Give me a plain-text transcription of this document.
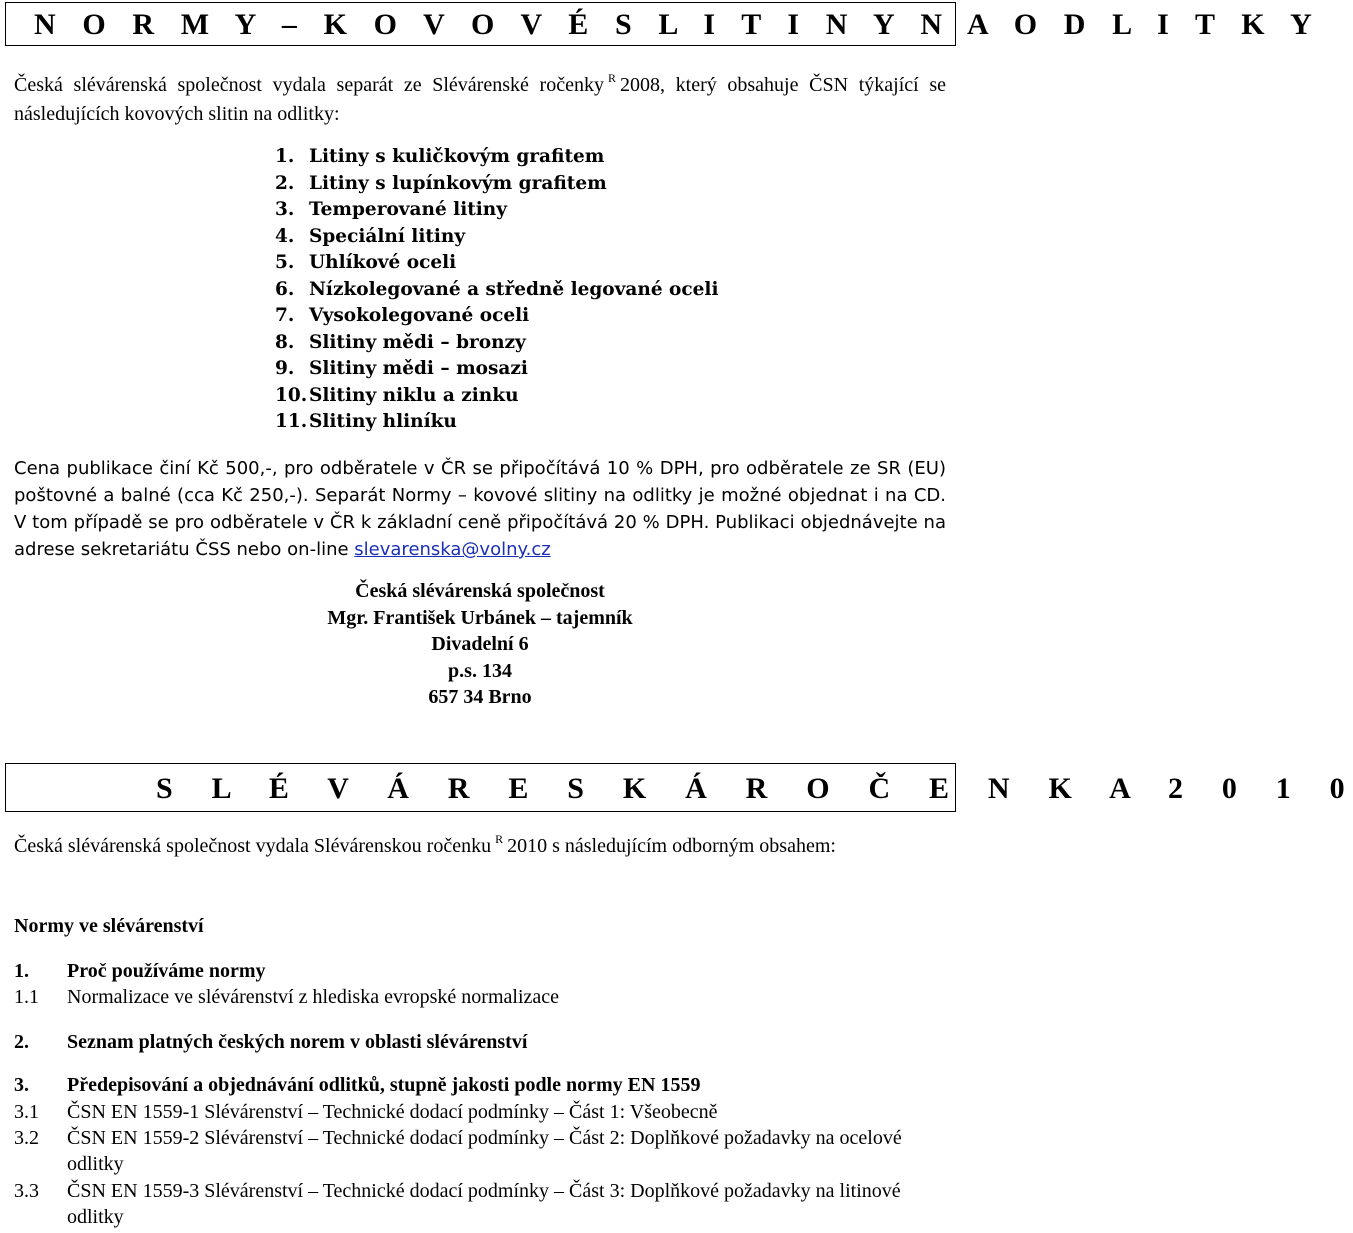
N O R M Y – K O V O V É S L I T I N Y N A O D L I T K Y

Česká slévárenská společnost vydala separát ze Slévárenské ročenky $^R$ 2008, který obsahuje ČSN týkající se následujících kovových slitin na odlitky:

1. Litiny s kuličkovým grafitem
2. Litiny s lupínkovým grafitem
3. Temperované litiny
4. Speciální litiny
5. Uhlíkové oceli
6. Nízkolegované a středně legované oceli
7. Vysokolegované oceli
8. Slitiny mědi – bronzy
9. Slitiny mědi – mosazi
10.Slitiny niklu a zinku
11.Slitiny hliníku

Cena publikace činí Kč 500,-, pro odběratele v ČR se připočítává 10 % DPH, pro odběratele ze SR (EU) poštovné a balné (cca Kč 250,-). Separát Normy – kovové slitiny na odlitky je možné objednat i na CD. V tom případě se pro odběratele v ČR k základní ceně připočítává 20 % DPH. Publikaci objednávejte na adrese sekretariátu ČSS nebo on-line slevarenska@volny.cz

Česká slévárenská společnost
Mgr. František Urbánek – tajemník
Divadelní 6
p.s. 134
657 34 Brno
S L É V Á R E S K Á R O Č E N K A 2 0 1 0

Česká slévárenská společnost vydala Slévárenskou ročenku $^R$ 2010 s následujícím odborným obsahem:

Normy ve slévárenství
1. Proč používáme normy
1.1 Normalizace ve slévárenství z hlediska evropské normalizace
2. Seznam platných českých norem v oblasti slévárenství
3. Předepisování a objednávání odlitků, stupně jakosti podle normy EN 1559
3.1 ČSN EN 1559-1 Slévárenství – Technické dodací podmínky – Část 1: Všeobecně
3.2 ČSN EN 1559-2 Slévárenství – Technické dodací podmínky – Část 2: Doplňkové požadavky na ocelové odlitky
3.3 ČSN EN 1559-3 Slévárenství – Technické dodací podmínky – Část 3: Doplňkové požadavky na litinové odlitky
